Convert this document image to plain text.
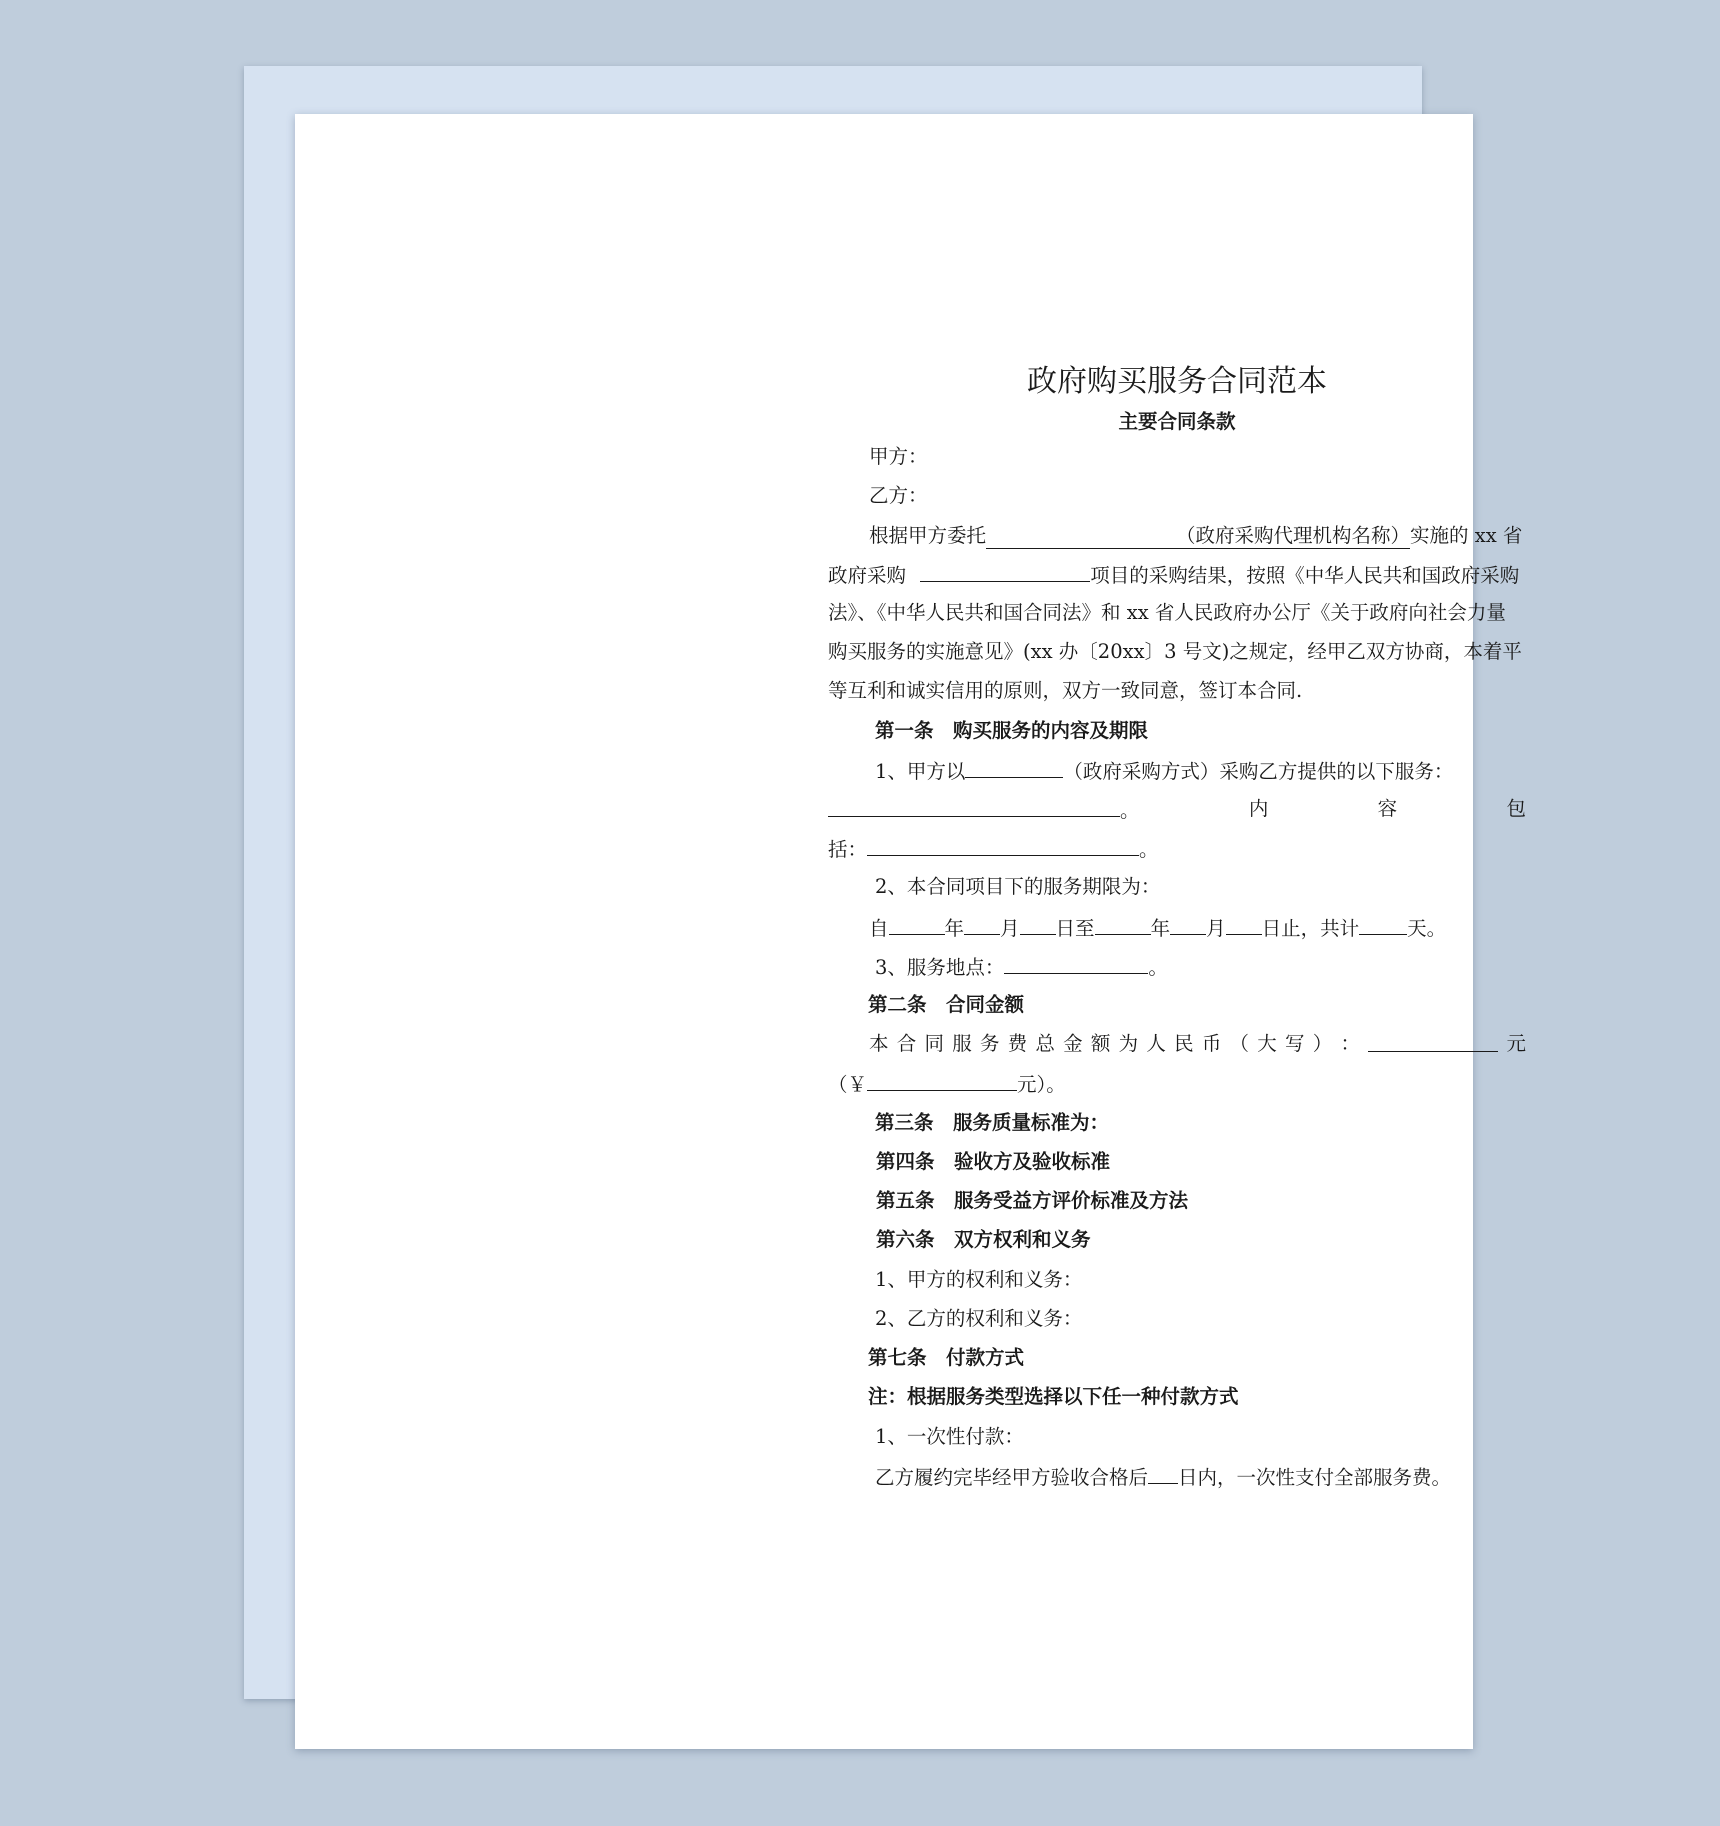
政府购买服务合同范本
主要合同条款
甲方：
乙方：
根据甲方委托	（政府采购代理机构名称）实施的 xx 省
政府采购	项目的采购结果，按照《中华人民共和国政府采购
法》、《中华人民共和国合同法》和 xx 省人民政府办公厅《关于政府向社会力量
购买服务的实施意见》(xx 办〔20xx〕3 号文)之规定，经甲乙双方协商，本着平
等互利和诚实信用的原则，双方一致同意，签订本合同.
第一条　购买服务的内容及期限
1、甲方以	（政府采购方式）采购乙方提供的以下服务：
。	内	容	包
括：	。
2、本合同项目下的服务期限为：
自	年 月 日至	年 月 日止，共计 天。
3、服务地点：	。
第二条　合同金额
本 合 同 服 务 费 总 金 额 为 人 民 币 （ 大 写 ） ：	元
（￥	元）。
第三条　服务质量标准为：
第四条　验收方及验收标准
第五条　服务受益方评价标准及方法
第六条　双方权利和义务
1、甲方的权利和义务：
2、乙方的权利和义务：
第七条　付款方式
注：根据服务类型选择以下任一种付款方式
1、一次性付款：
乙方履约完毕经甲方验收合格后 日内，一次性支付全部服务费。
